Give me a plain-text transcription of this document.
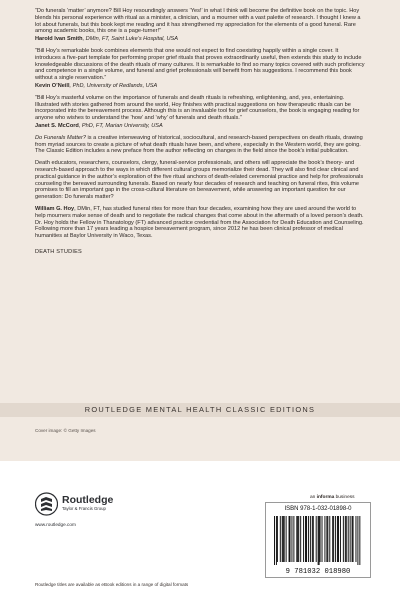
“Do funerals ‘matter’ anymore? Bill Hoy resoundingly answers ‘Yes!’ in what I think will become the definitive book on the topic. Hoy blends his personal experience with ritual as a minister, a clinician, and a mourner with a vast palette of research. I thought I knew a lot about funerals, but this book kept me reading and it has strengthened my appreciation for the elements of a good funeral. Rare among academic books, this one is a page-turner!”

Harold Ivan Smith, DMin, FT, Saint Luke’s Hospital, USA

“Bill Hoy’s remarkable book combines elements that one would not expect to find coexisting happily within a single cover. It introduces a five-part template for performing proper grief rituals that proves extraordinarily useful, then extends this study to include knowledgeable discussions of the death rituals of many cultures. It is remarkable to find so many topics covered with such proficiency and competence in a single volume, and funeral and grief professionals will benefit from his suggestions. I recommend this book without a single reservation.”

Kevin O’Neill, PhD, University of Redlands, USA

“Bill Hoy’s masterful volume on the importance of funerals and death rituals is refreshing, enlightening, and, yes, entertaining. Illustrated with stories gathered from around the world, Hoy finishes with practical suggestions on how therapeutic rituals can be incorporated into the bereavement process. Although this is an invaluable tool for grief counselors, the book is engaging reading for anyone who wishes to understand the ‘how’ and ‘why’ of funerals and death rituals.”

Janet S. McCord, PhD, FT, Marian University, USA

Do Funerals Matter? is a creative interweaving of historical, sociocultural, and research-based perspectives on death rituals, drawing from myriad sources to create a picture of what death rituals have been, and where, especially in the Western world, they are going. The Classic Edition includes a new preface from the author reflecting on changes in the field since the book’s initial publication.

Death educators, researchers, counselors, clergy, funeral-service professionals, and others will appreciate the book’s theory- and research-based approach to the ways in which different cultural groups memorialize their dead. They will also find clear clinical and practical guidance in the author’s exploration of the five ritual anchors of death-related ceremonial practice and help for professionals counseling the bereaved surrounding funerals. Based on nearly four decades of research and teaching on funeral rites, this volume promises to fill an important gap in the cross-cultural literature on bereavement, while answering an important question for our generation: Do funerals matter?

William G. Hoy, DMin, FT, has studied funeral rites for more than four decades, examining how they are used around the world to help mourners make sense of death and to negotiate the radical changes that come about in the aftermath of a loved person’s death. Dr. Hoy holds the Fellow in Thanatology (FT) advanced practice credential from the Association for Death Education and Counseling. Following more than 17 years leading a hospice bereavement program, since 2012 he has been clinical professor of medical humanities at Baylor University in Waco, Texas.

DEATH STUDIES
ROUTLEDGE MENTAL HEALTH CLASSIC EDITIONS
Cover image: © Getty Images
Routledge
Taylor & Francis Group
www.routledge.com
an informa business
ISBN 978-1-032-01898-0
9 781032 018980
Routledge titles are available as eBook editions in a range of digital formats
